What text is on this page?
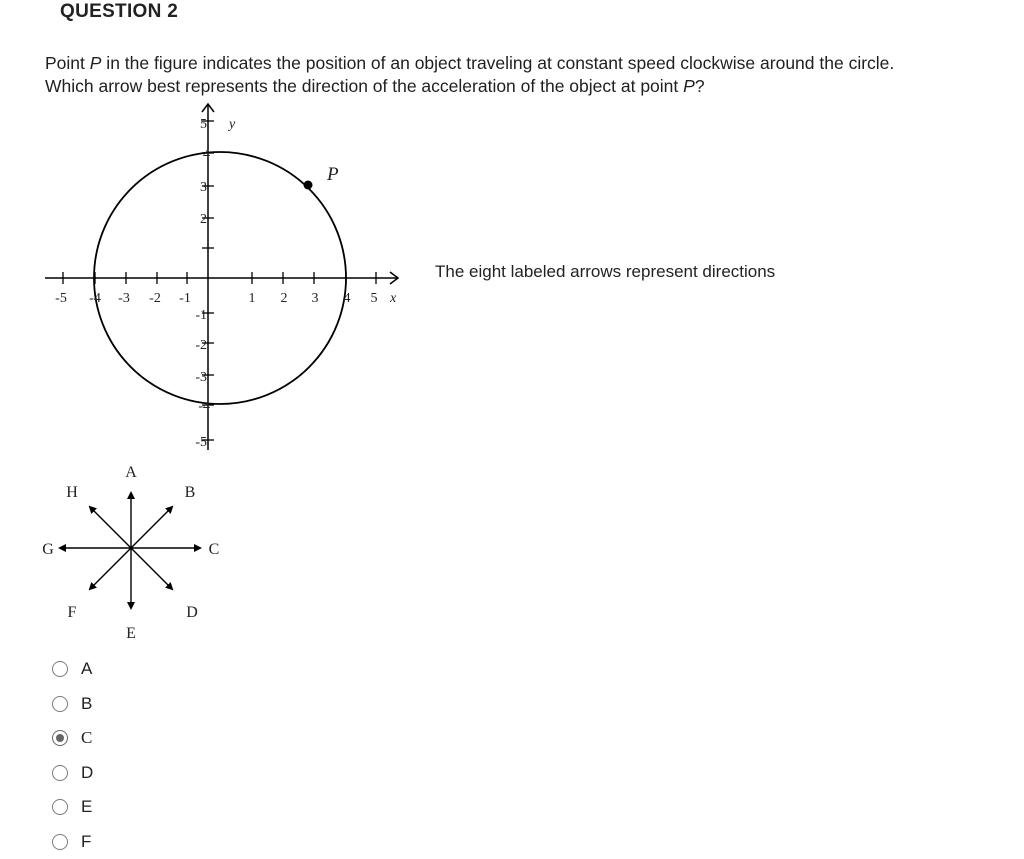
QUESTION 2
Point P in the figure indicates the position of an object traveling at constant speed clockwise around the circle.
Which arrow best represents the direction of the acceleration of the object at point P?
P
-5 -4 -3 -2 -1	1 2 3 4 5 x
5
4
3
2
-1
-2
-3
-4
-5
y
The eight labeled arrows represent directions
A
B
C
D
E
F
G
H
A
B
C
D
E
F
